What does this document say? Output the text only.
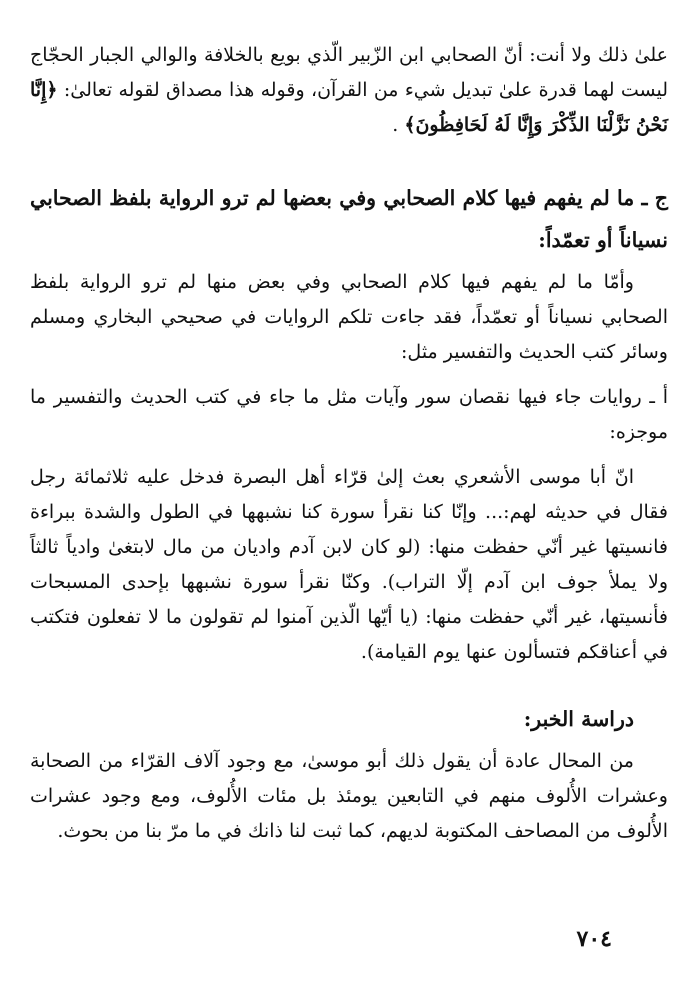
علىٰ ذلك ولا أنت: أنّ الصحابي ابن الزّبير الّذي بويع بالخلافة والوالي الجبار الحجّاج ليست لهما قدرة علىٰ تبديل شيء من القرآن، وقوله هذا مصداق لقوله تعالىٰ: ﴿إِنَّا نَحْنُ نَزَّلْنَا الذِّكْرَ وَإِنَّا لَهُ لَحَافِظُونَ﴾ .

ج ـ ما لم يفهم فيها كلام الصحابي وفي بعضها لم ترو الرواية بلفظ الصحابي نسياناً أو تعمّداً:

وأمّا ما لم يفهم فيها كلام الصحابي وفي بعض منها لم ترو الرواية بلفظ الصحابي نسياناً أو تعمّداً، فقد جاءت تلكم الروايات في صحيحي البخاري ومسلم وسائر كتب الحديث والتفسير مثل:

أ ـ روايات جاء فيها نقصان سور وآيات مثل ما جاء في كتب الحديث والتفسير ما موجزه:

انّ أبا موسى الأشعري بعث إلىٰ قرّاء أهل البصرة فدخل عليه ثلاثمائة رجل فقال في حديثه لهم:... وإنّا كنا نقرأ سورة كنا نشبهها في الطول والشدة ببراءة فانسيتها غير أنّي حفظت منها: (لو كان لابن آدم واديان من مال لابتغىٰ وادياً ثالثاً ولا يملأ جوف ابن آدم إلّا التراب). وكنّا نقرأ سورة نشبهها بإحدى المسبحات فأنسيتها، غير أنّي حفظت منها: (يا أيّها الّذين آمنوا لم تقولون ما لا تفعلون فتكتب في أعناقكم فتسألون عنها يوم القيامة).

دراسة الخبر:

من المحال عادة أن يقول ذلك أبو موسىٰ، مع وجود آلاف القرّاء من الصحابة وعشرات الأُلوف منهم في التابعين يومئذ بل مئات الأُلوف، ومع وجود عشرات الأُلوف من المصاحف المكتوبة لديهم، كما ثبت لنا ذانك في ما مرّ بنا من بحوث.

٧٠٤
